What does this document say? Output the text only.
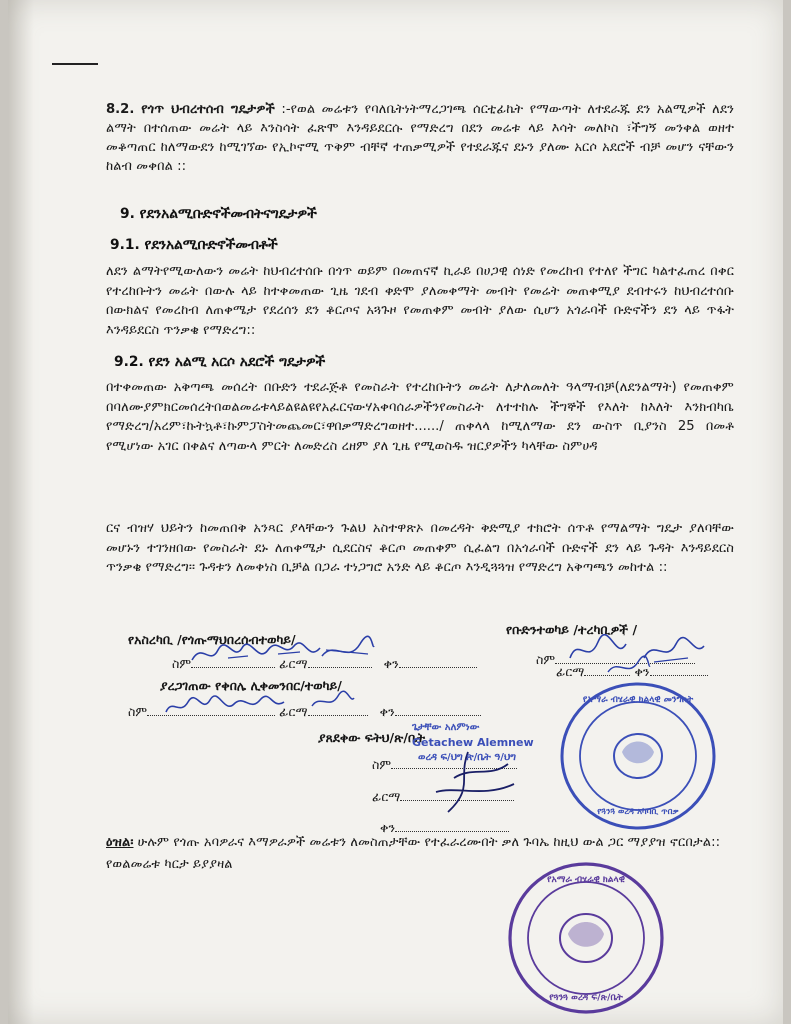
8.2. የጎጥ ህብረተሰብ ግዴታዎች :-የወል መሬቱን የባለቤትነትማረጋገጫ ሰርቲፊኬት የማውጣት ለተደራጁ ደን አልሚዎች ለደን ልማት በተሰጠው መሬት ላይ እንስሳት ፈጽሞ እንዳይደርሱ የማድረግ በደን መሬቱ ላይ እሳት መለኮስ ፣ችግኝ መንቀል ወዘተ መቆጣጠር ከለማውደን ከሚገኘው የኢኮኖሚ ጥቅም ብቸኛ ተጠቃሚዎች የተደራጁና ደኑን ያለሙ አርሶ አደሮች ብቻ መሆን ናቸውን ከልብ መቀበል ::

9. የደንአልሚቡድኖችመብትናግዴታዎች

9.1. የደንአልሚቡድኖችመብቶች

ለደን ልማትየሚውለውን መሬት ከህብረተሰቡ በጎጥ ወይም በመጠናኛ ኪራይ በሀጋዊ ሰነድ የመረከብ የተለየ ችግር ካልተፈጠረ በቀር የተረከቡትን መሬት በውሉ ላይ ከተቀመጠው ጊዜ ገደብ ቀድሞ ያለመቀማት መብት የመሬት መጠቀሚያ ደብተሩን ከህብረተሰቡ በውክልና የመረከብ ለጠቀሜታ የደረሰን ደን ቆርጦና አጓጉዞ የመጠቀም መብት ያለው ሲሆን አጎራባች ቡድኖችን ደን ላይ ጥፋት እንዳይደርስ ጥንቃቄ የማድረግ::

9.2. የደን አልሚ አርሶ አደሮች ግዴታዎች

በተቀመጠው አቅጣጫ መሰረት በቡድን ተደራጅቶ የመስራት የተረከቡትን መሬት ለታለመለት ዓላማብቻ(ለደንልማት) የመጠቀም በባለሙያምክርመሰረትበወልመሬቱላይልዩልዩየአፈርናውሃአቀባሰራዎችንየመስራት ለተተከሉ ችግኞች የእለት ከእለት እንክብካቤ የማድረግ/አረም፣ኩትኳቶ፣ኩምፓስትመጨመር፣ዋበቃማድረግወዘተ....../ ጠቀላላ ከሚለማው ደን ውስጥ ቢያንስ 25 በመቶ የሚሆነው አገር በቀልና ለጣውላ ምርት ለመድረስ ረዘም ያለ ጊዜ የሚወስዱ ዝርያዎችን ካላቸው ስምሀዳ

ርና ብዝሃ ህይትን ከመጠበቅ አንጻር ያላቸውን ጉልህ አስተዋጽኦ በመረዳት ቅድሚያ ተክሮት ሰጥቶ የማልማት ግዴታ ያለባቸው መሆኑን ተገንዘበው የመስራት ደኑ ለጠቀሜታ ሲደርስና ቆርጦ መጠቀም ሲፈልግ በአጎራባች ቡድኖች ደን ላይ ጉዳት እንዳይደርስ ጥንቃቄ የማድረግ፡፡ ጉዳቱን ለመቀነስ ቢቻል በጋራ ተነጋግሮ አንድ ላይ ቆርጦ እንዲጓጓዝ የማድረግ አቅጣጫን መከተል ::

የአስረካቢ /የጎጡማህበረሰብተወካይ/
ስም	ፊርማ	ቀን
ያረጋገጠው የቀበሌ ሊቀመንበር/ተወካይ/
ስም	ፊርማ	ቀን
የቡድንተወካይ /ተረካቢዎች /
ስም
ፊርማ	ቀን
ያጸደቀው ፍትህ/ጽ/ቤት
ስም
ፊርማ
ቀን
ጌታቸው አለምነው
Getachew Alemnew
ወረዳ ፍ/ህግ ጽ/ቤት ዓ/ህግ
የአማራ ብሄራዊ ክልላዊ መንግስት
የጓንጓ ወረዳ አካባቢ ጥበቃ

ዕዝል፡ ሁሉም የጎጡ አባዎራና እማዎራዎች መሬቱን ለመስጠታቸው የተፈራረሙበት ቃለ ጉባኤ ከዚህ ውል ጋር ማያያዝ ኖርበታል:: የወልመሬቱ ካርታ ይያያዛል

የአማራ ብሄራዊ ክልላዊ
የጓንጓ ወረዳ ፍ/ጽ/ቤት
